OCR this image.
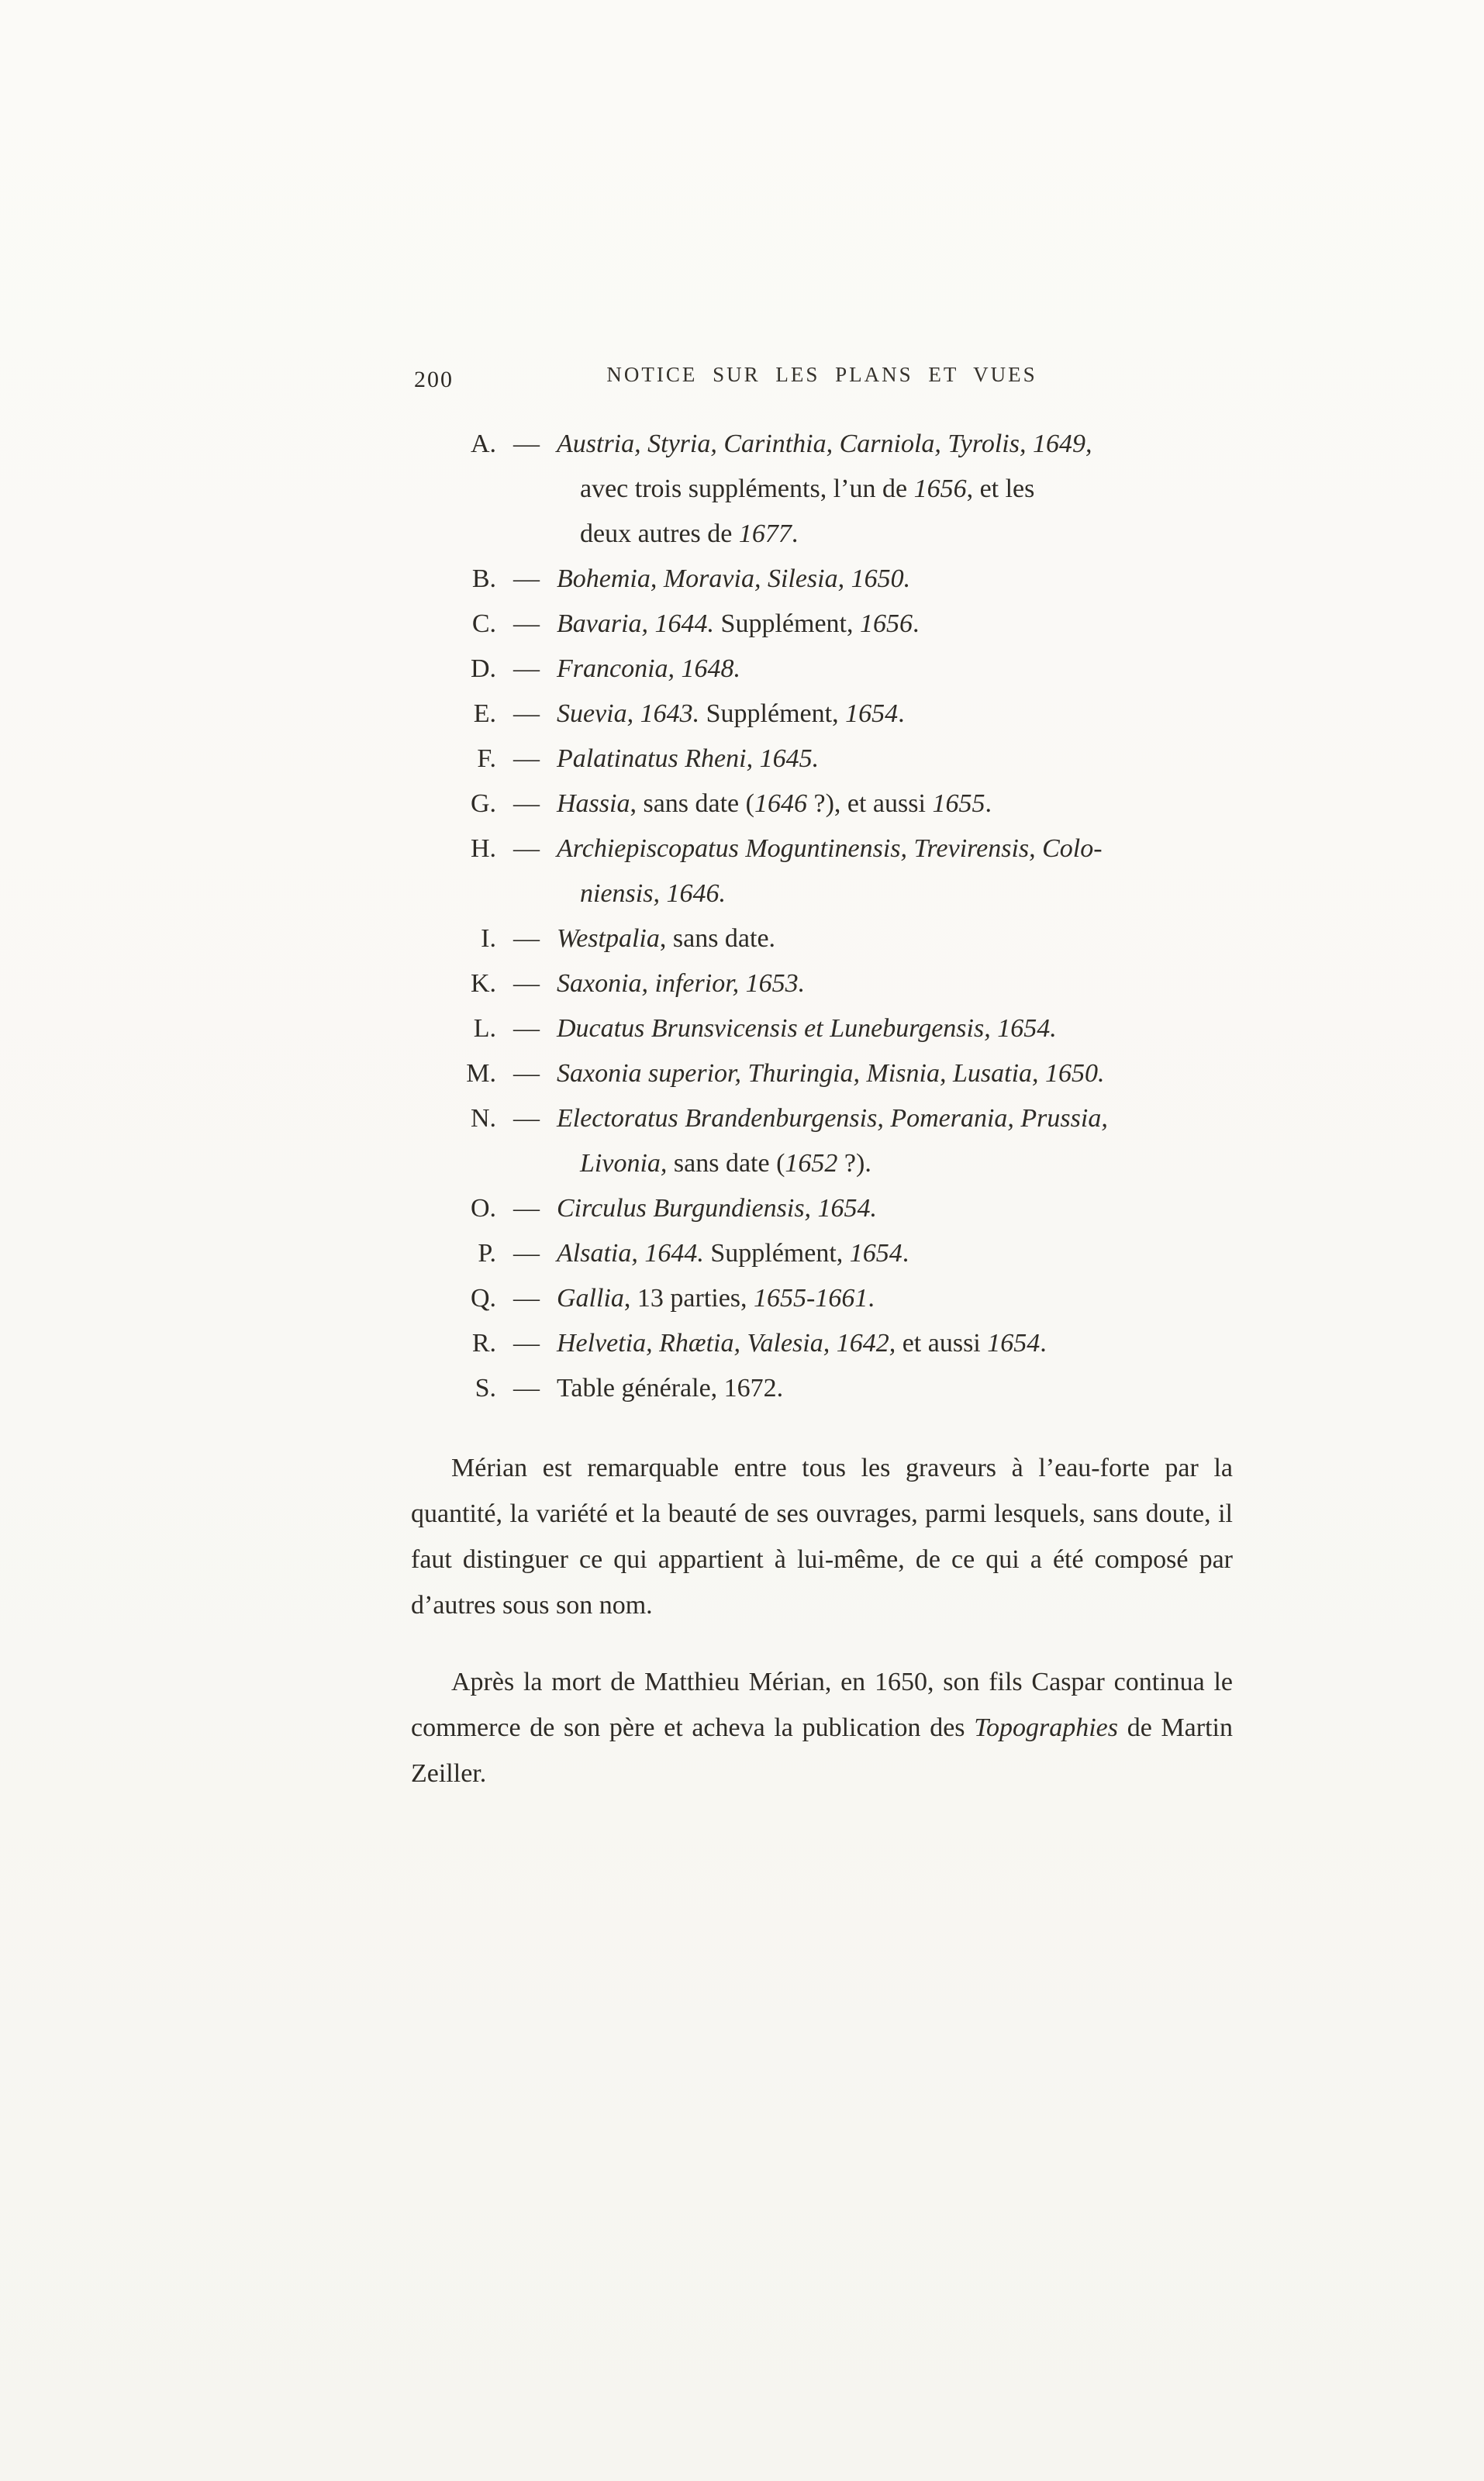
200	NOTICE SUR LES PLANS ET VUES
A. — Austria, Styria, Carinthia, Carniola, Tyrolis, 1649,
avec trois suppléments, l’un de 1656, et les
deux autres de 1677.
B. — Bohemia, Moravia, Silesia, 1650.
C. — Bavaria, 1644. Supplément, 1656.
D. — Franconia, 1648.
E. — Suevia, 1643. Supplément, 1654.
F. — Palatinatus Rheni, 1645.
G. — Hassia, sans date (1646 ?), et aussi 1655.
H. — Archiepiscopatus Moguntinensis, Trevirensis, Colo-
niensis, 1646.
I. — Westpalia, sans date.
K. — Saxonia, inferior, 1653.
L. — Ducatus Brunsvicensis et Luneburgensis, 1654.
M. — Saxonia superior, Thuringia, Misnia, Lusatia, 1650.
N. — Electoratus Brandenburgensis, Pomerania, Prussia,
Livonia, sans date (1652 ?).
O. — Circulus Burgundiensis, 1654.
P. — Alsatia, 1644. Supplément, 1654.
Q. — Gallia, 13 parties, 1655-1661.
R. — Helvetia, Rhætia, Valesia, 1642, et aussi 1654.
S. — Table générale, 1672.

Mérian est remarquable entre tous les graveurs à l’eau-forte par la quantité, la variété et la beauté de ses ouvrages, parmi lesquels, sans doute, il faut distinguer ce qui appartient à lui-même, de ce qui a été composé par d’autres sous son nom.

Après la mort de Matthieu Mérian, en 1650, son fils Caspar continua le commerce de son père et acheva la publication des Topographies de Martin Zeiller.
